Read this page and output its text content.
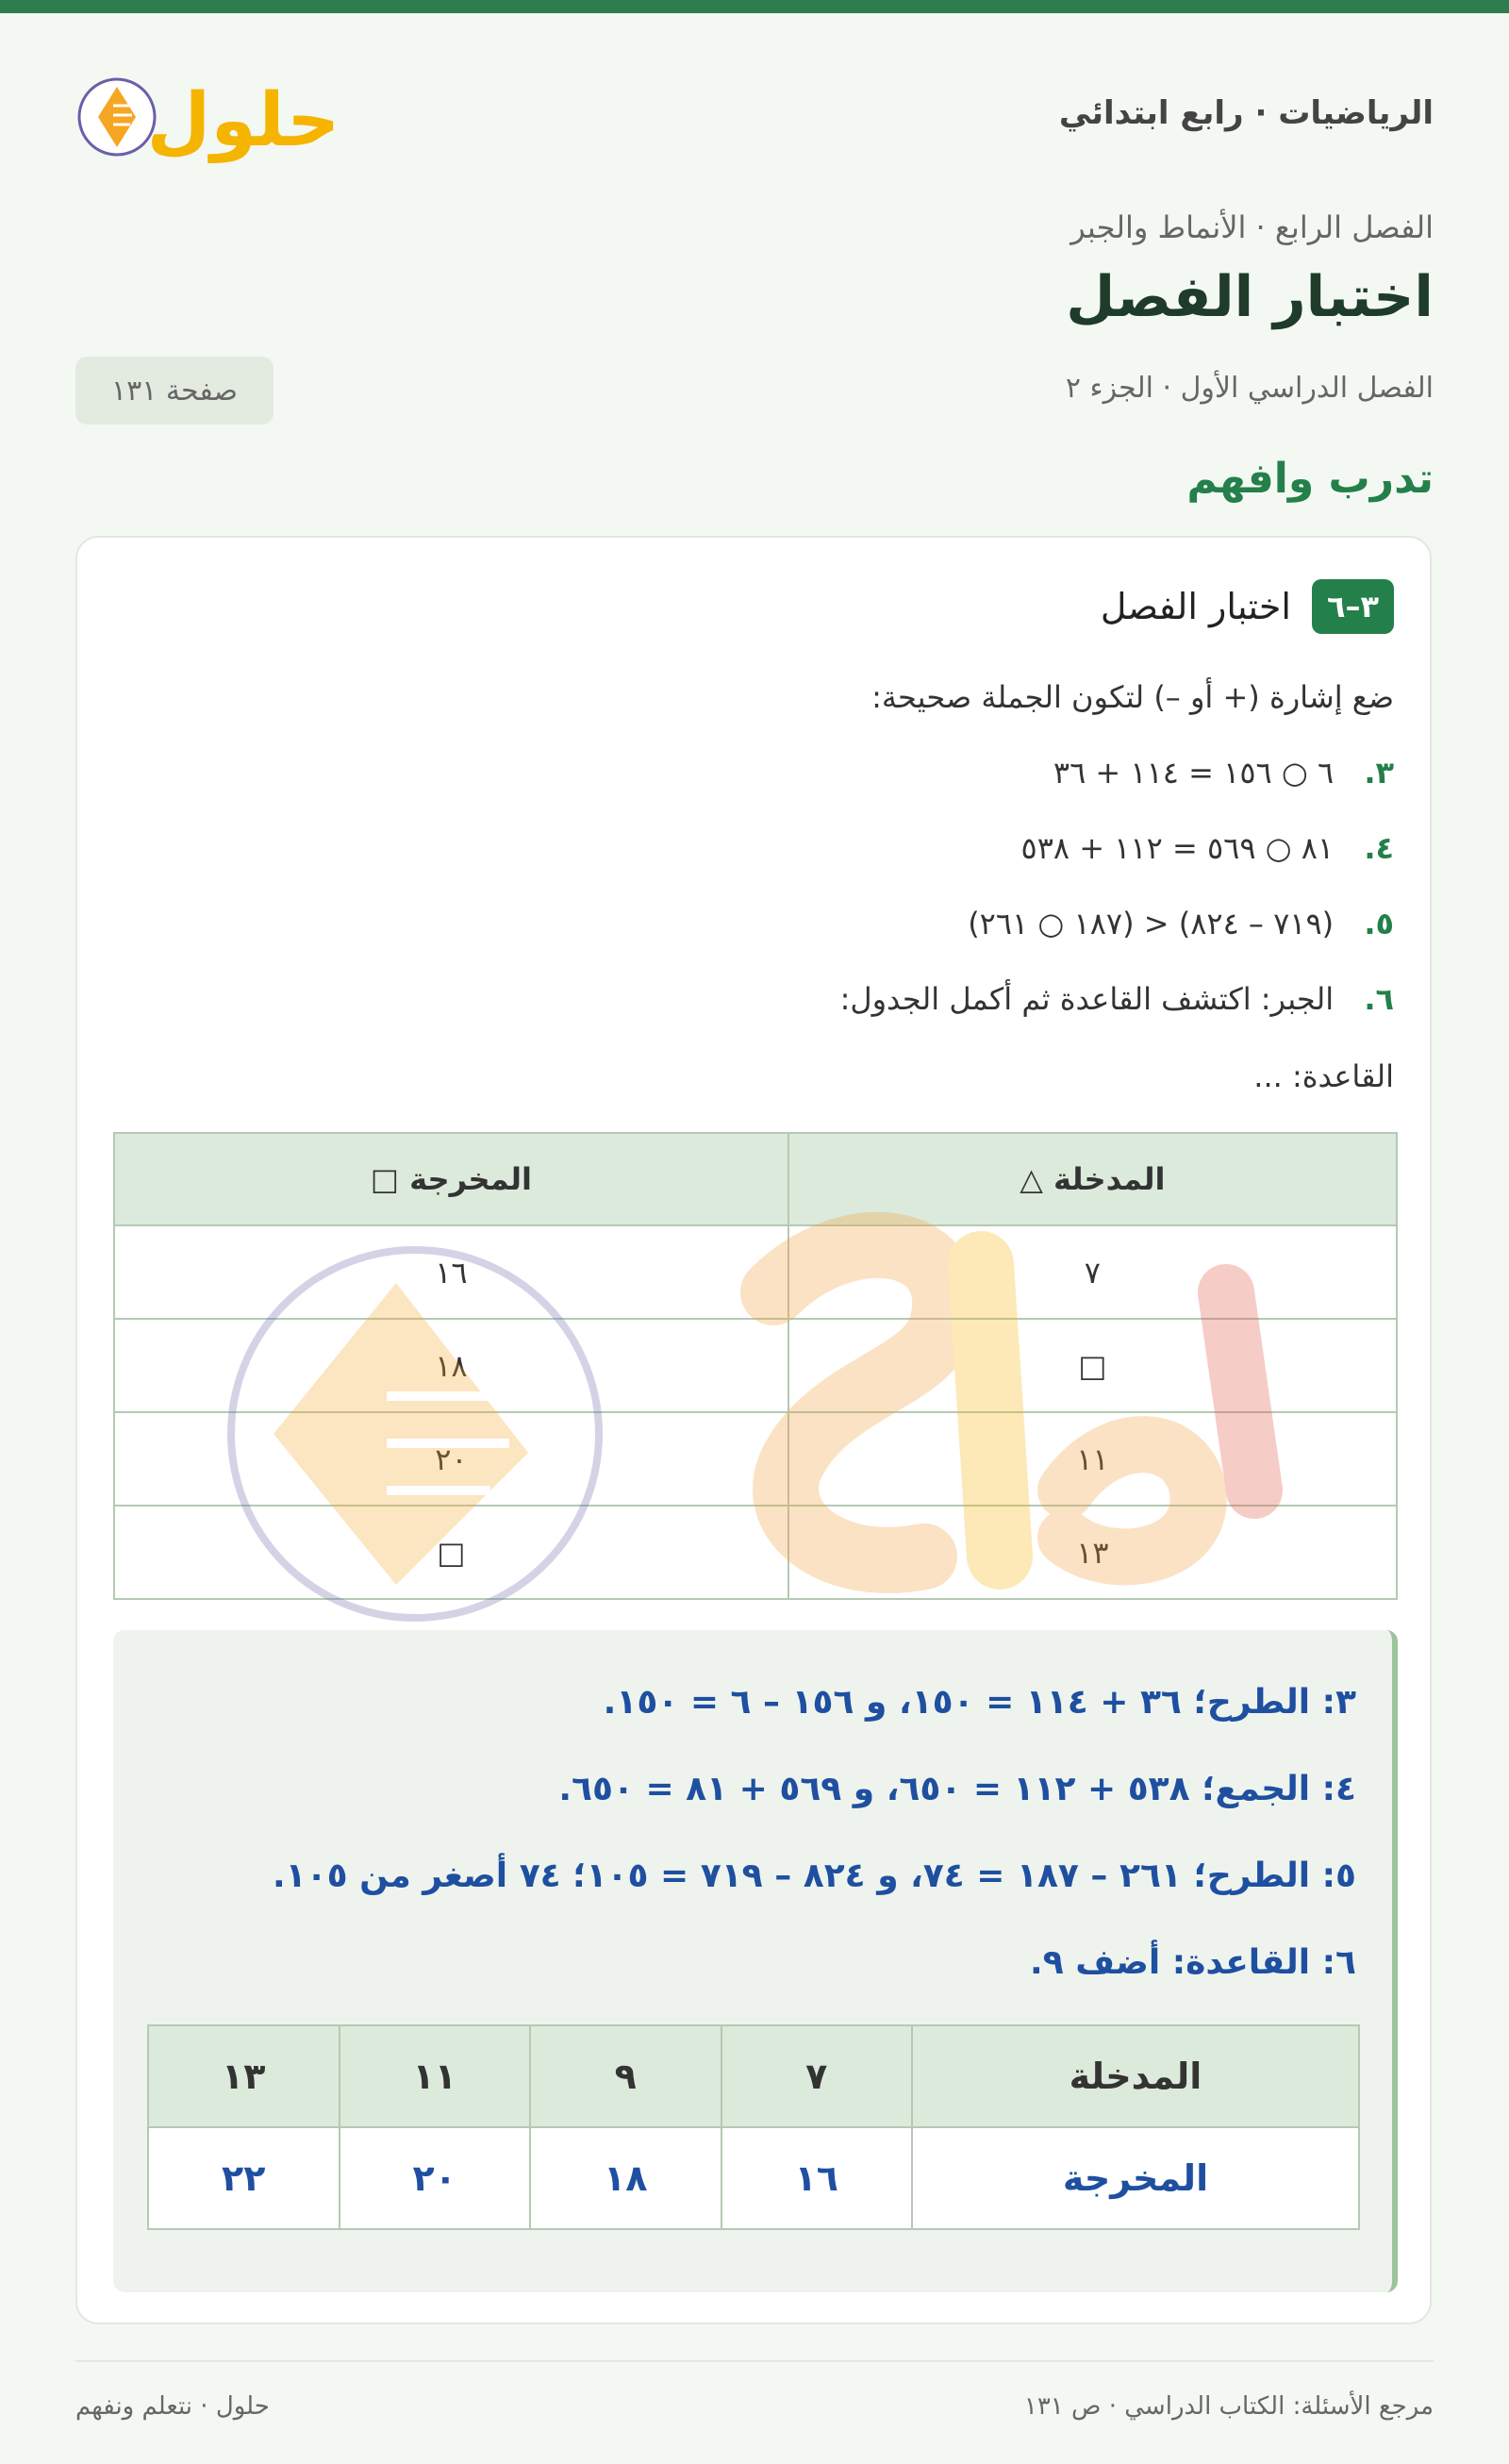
الرياضيات · رابع ابتدائي
حلول
الفصل الرابع · الأنماط والجبر
اختبار الفصل
الفصل الدراسي الأول · الجزء ٢
صفحة ١٣١
تدرب وافهم
٣–٦
اختبار الفصل
ضع إشارة (+ أو –) لتكون الجملة صحيحة:
٣. ٦ ○ ١٥٦ = ١١٤ + ٣٦
٤. ٨١ ○ ٥٦٩ = ١١٢ + ٥٣٨
٥. (٧١٩ – ٨٢٤) < (١٨٧ ○ ٢٦١)
٦. الجبر: اكتشف القاعدة ثم أكمل الجدول:
القاعدة: ...
المدخلة △	المخرجة □
٧	١٦
□	١٨
١١	٢٠
١٣	□
٣: الطرح؛ ٣٦ + ١١٤ = ١٥٠، و ١٥٦ – ٦ = ١٥٠.
٤: الجمع؛ ٥٣٨ + ١١٢ = ٦٥٠، و ٥٦٩ + ٨١ = ٦٥٠.
٥: الطرح؛ ٢٦١ – ١٨٧ = ٧٤، و ٨٢٤ – ٧١٩ = ١٠٥؛ ٧٤ أصغر من ١٠٥.
٦: القاعدة: أضف ٩.
المدخلة	٧	٩	١١	١٣
المخرجة	١٦	١٨	٢٠	٢٢
مرجع الأسئلة: الكتاب الدراسي · ص ١٣١
حلول · نتعلم ونفهم
